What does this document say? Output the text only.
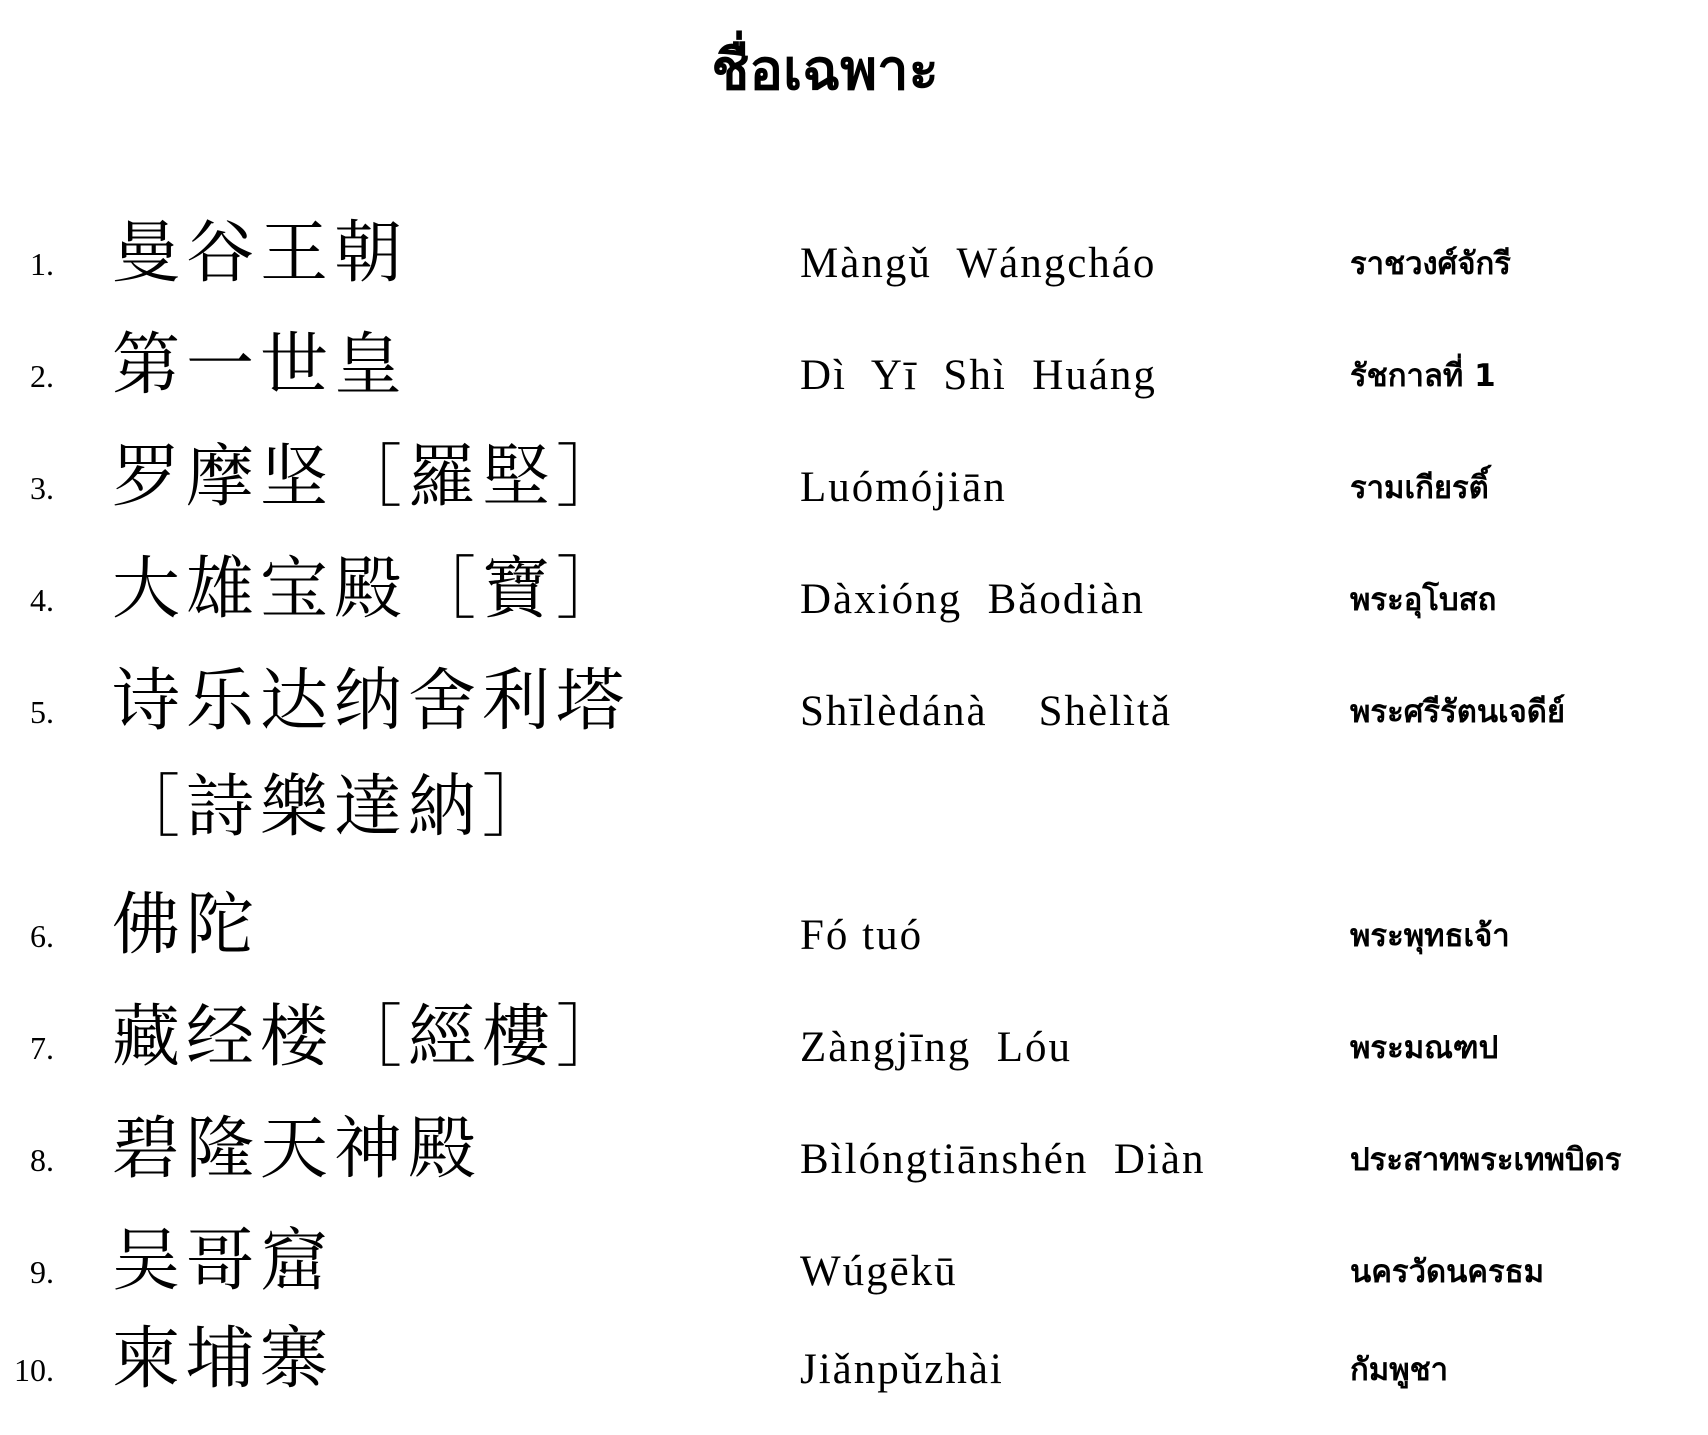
ชื่อเฉพาะ
1. 曼谷王朝	Màngǔ  Wángcháo	ราชวงศ์จักรี
2. 第一世皇	Dì  Yī  Shì  Huáng	รัชกาลที่ 1
3. 罗摩坚［羅堅］	Luómójiān	รามเกียรติ์
4. 大雄宝殿［寶］	Dàxióng  Bǎodiàn	พระอุโบสถ
5. 诗乐达纳舍利塔	Shīlèdánà    Shèlìtǎ	พระศรีรัตนเจดีย์
［詩樂達納］
6. 佛陀	Fó tuó	พระพุทธเจ้า
7. 藏经楼［經樓］	Zàngjīng  Lóu	พระมณฑป
8. 碧隆天神殿	Bìlóngtiānshén  Diàn	ประสาทพระเทพบิดร
9. 吴哥窟	Wúgēkū	นครวัดนครธม
10. 柬埔寨	Jiǎnpǔzhài	กัมพูชา
